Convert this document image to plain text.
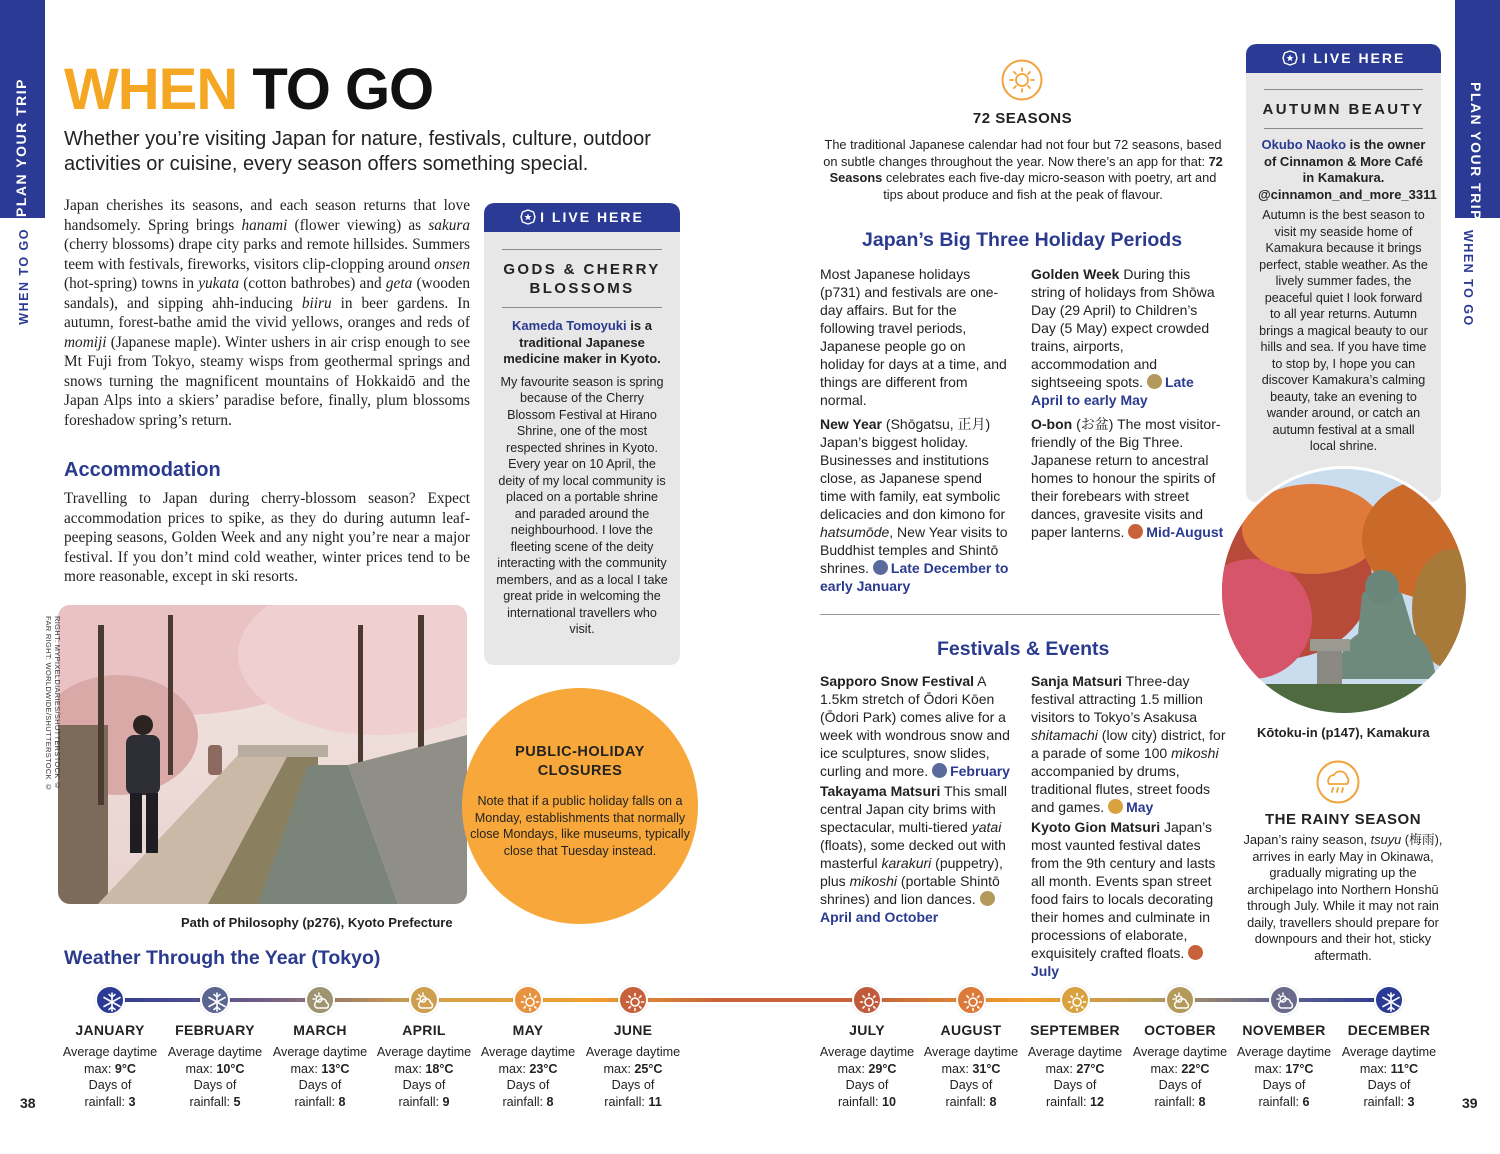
PLAN YOUR TRIP
WHEN TO GO
PLAN YOUR TRIP
WHEN TO GO
WHEN TO GO
Whether you’re visiting Japan for nature, festivals, culture, outdoor activities or cuisine, every season offers something special.
Japan cherishes its seasons, and each season returns that love handsomely. Spring brings hanami (flower viewing) as sakura (cherry blossoms) drape city parks and remote hillsides. Summers teem with festivals, fireworks, visitors clip-clopping around onsen (hot-spring) towns in yukata (cotton bathrobes) and geta (wooden sandals), and sipping ahh-inducing biiru in beer gardens. In autumn, forest-bathe amid the vivid yellows, oranges and reds of momiji (Japanese maple). Winter ushers in air crisp enough to see Mt Fuji from Tokyo, steamy wisps from geothermal springs and snows turning the magnificent mountains of Hokkaidō and the Japan Alps into a skiers’ paradise before, finally, plum blossoms foreshadow spring’s return.
Accommodation
Travelling to Japan during cherry-blossom season? Expect accommodation prices to spike, as they do during autumn leaf-peeping seasons, Golden Week and any night you’re near a major festival. If you don’t mind cold weather, winter prices tend to be more reasonable, except in ski resorts.
I LIVE HERE
GODS & CHERRY BLOSSOMS
Kameda Tomoyuki is a traditional Japanese medicine maker in Kyoto.
My favourite season is spring because of the Cherry Blossom Festival at Hirano Shrine, one of the most respected shrines in Kyoto. Every year on 10 April, the deity of my local community is placed on a portable shrine and paraded around the neighbourhood. I love the fleeting scene of the deity interacting with the community members, and as a local I take great pride in welcoming the international travellers who visit.
Path of Philosophy (p276), Kyoto Prefecture
RIGHT: MYPIXELDIARIES/SHUTTERSTOCK © FAR RIGHT: WORLDWIDE/SHUTTERSTOCK ©	PUBLIC-HOLIDAY CLOSURES
Note that if a public holiday falls on a Monday, establishments that normally close Mondays, like museums, typically close that Tuesday instead.
72 SEASONS
The traditional Japanese calendar had not four but 72 seasons, based on subtle changes throughout the year. Now there’s an app for that: 72 Seasons celebrates each five-day micro-season with poetry, art and tips about produce and fish at the peak of flavour.
Japan’s Big Three Holiday Periods

Most Japanese holidays (p731) and festivals are one-day affairs. But for the following travel periods, Japanese people go on holiday for days at a time, and things are different from normal.

New Year (Shōgatsu, 正月) Japan’s biggest holiday. Businesses and institutions close, as Japanese spend time with family, eat symbolic delicacies and don kimono for hatsumōde, New Year visits to Buddhist temples and Shintō shrines. Late December to early January

Golden Week During this string of holidays from Shōwa Day (29 April) to Children’s Day (5 May) expect crowded trains, airports, accommodation and sightseeing spots. Late April to early May

O-bon (お盆) The most visitor-friendly of the Big Three. Japanese return to ancestral homes to honour the spirits of their forebears with street dances, gravesite visits and paper lanterns. Mid-August

I LIVE HERE
AUTUMN BEAUTY
Okubo Naoko is the owner of Cinnamon & More Café in Kamakura. @cinnamon_and_more_3311
Autumn is the best season to visit my seaside home of Kamakura because it brings perfect, stable weather. As the lively summer fades, the peaceful quiet I look forward to all year returns. Autumn brings a magical beauty to our hills and sea. If you have time to stop by, I hope you can discover Kamakura’s calming beauty, take an evening to wander around, or catch an autumn festival at a small local shrine.
Kōtoku-in (p147), Kamakura
Festivals & Events

Sapporo Snow Festival A 1.5km stretch of Ōdori Kōen (Ōdori Park) comes alive for a week with wondrous snow and ice sculptures, snow slides, curling and more. February

Takayama Matsuri This small central Japan city brims with spectacular, multi-tiered yatai (floats), some decked out with masterful karakuri (puppetry), plus mikoshi (portable Shintō shrines) and lion dances. April and October

Sanja Matsuri Three-day festival attracting 1.5 million visitors to Tokyo’s Asakusa shitamachi (low city) district, for a parade of some 100 mikoshi accompanied by drums, traditional flutes, street foods and games. May

Kyoto Gion Matsuri Japan’s most vaunted festival dates from the 9th century and lasts all month. Events span street food fairs to locals decorating their homes and culminate in processions of elaborate, exquisitely crafted floats. July

THE RAINY SEASON
Japan’s rainy season, tsuyu (梅雨), arrives in early May in Okinawa, gradually migrating up the archipelago into Northern Honshū through July. While it may not rain daily, travellers should prepare for downpours and their hot, sticky aftermath.
Weather Through the Year (Tokyo)
JANUARY
Average daytime
max: 9°C
Days of
rainfall: 3
FEBRUARY
Average daytime
max: 10°C
Days of
rainfall: 5
MARCH
Average daytime
max: 13°C
Days of
rainfall: 8
APRIL
Average daytime
max: 18°C
Days of
rainfall: 9
MAY
Average daytime
max: 23°C
Days of
rainfall: 8
JUNE
Average daytime
max: 25°C
Days of
rainfall: 11
JULY
Average daytime
max: 29°C
Days of
rainfall: 10
AUGUST
Average daytime
max: 31°C
Days of
rainfall: 8
SEPTEMBER
Average daytime
max: 27°C
Days of
rainfall: 12
OCTOBER
Average daytime
max: 22°C
Days of
rainfall: 8
NOVEMBER
Average daytime
max: 17°C
Days of
rainfall: 6
DECEMBER
Average daytime
max: 11°C
Days of
rainfall: 3
38	39
